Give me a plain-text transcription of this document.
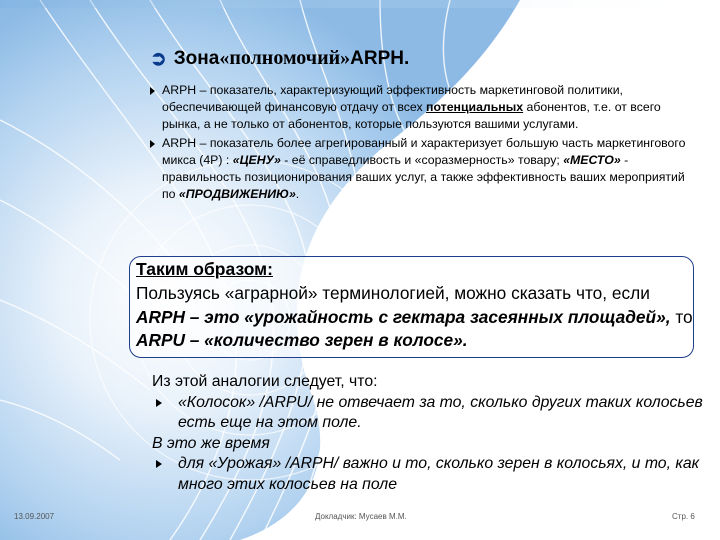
➲ Зона «полномочий» ARPH.
ARPH – показатель, характеризующий эффективность маркетинговой политики, обеспечивающей финансовую отдачу от всех потенциальных абонентов, т.е. от всего рынка, а не только от абонентов, которые пользуются вашими услугами.
ARPH – показатель более агрегированный и характеризует большую часть маркетингового микса (4P) : «ЦЕНУ» - её справедливость и «соразмерность» товару; «МЕСТО» - правильность позиционирования ваших услуг, а также эффективность ваших мероприятий по «ПРОДВИЖЕНИЮ».
Таким образом:
Пользуясь «аграрной» терминологией, можно сказать что, если ARPH – это «урожайность с гектара засеянных площадей», то ARPU – «количество зерен в колосе».
Из этой аналогии следует, что:
«Колосок» /ARPU/ не отвечает за то, сколько других таких колосьев есть еще на этом поле.
В это же время
для «Урожая» /ARPH/ важно и то, сколько зерен в колосьях, и то, как много этих колосьев на поле
13.09.2007	Докладчик: Мусаев М.М.	Стр. 6
